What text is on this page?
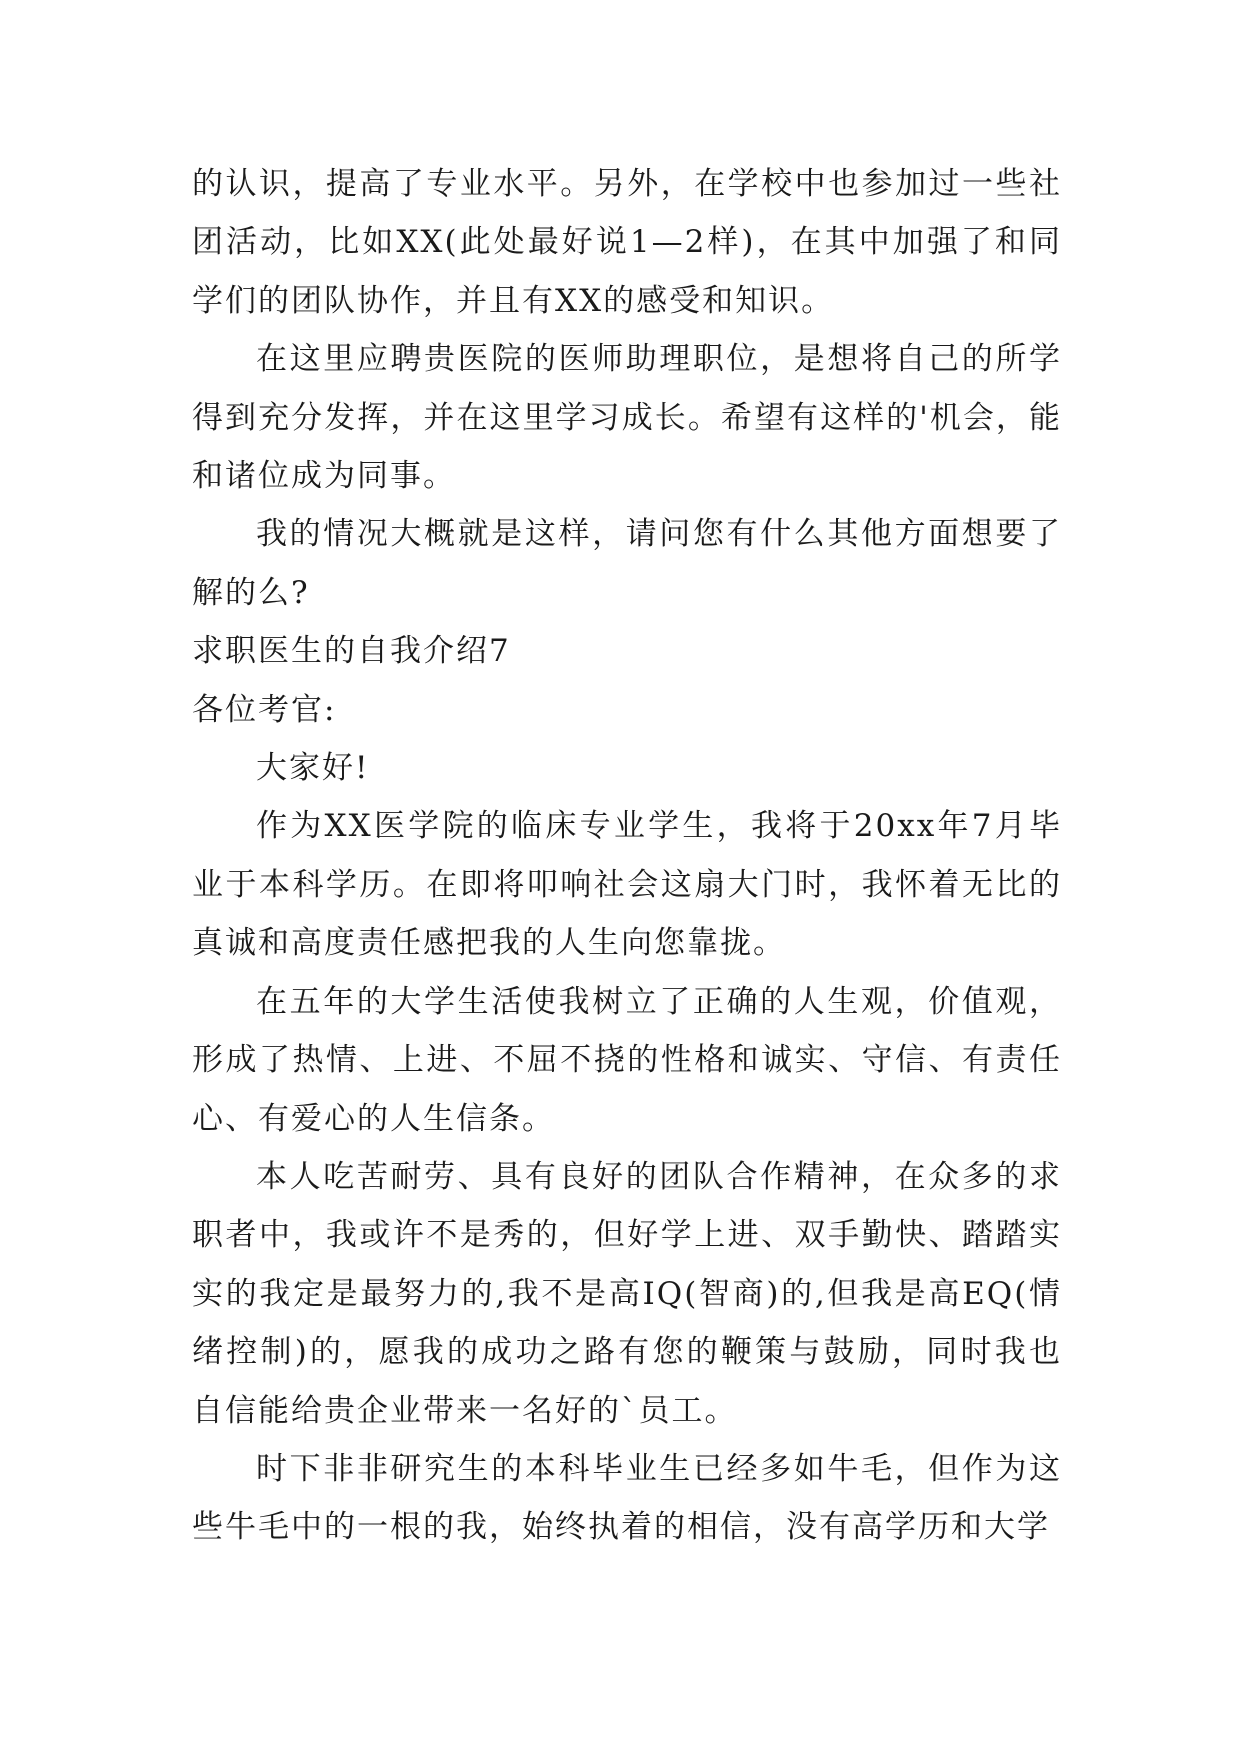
的认识，提高了专业水平。另外，在学校中也参加过一些社团活动，比如XX(此处最好说1—2样)，在其中加强了和同学们的团队协作，并且有XX的感受和知识。

在这里应聘贵医院的医师助理职位，是想将自己的所学得到充分发挥，并在这里学习成长。希望有这样的'机会，能和诸位成为同事。

我的情况大概就是这样，请问您有什么其他方面想要了解的么?

求职医生的自我介绍7

各位考官:

大家好!

作为XX医学院的临床专业学生，我将于20xx年7月毕业于本科学历。在即将叩响社会这扇大门时，我怀着无比的真诚和高度责任感把我的人生向您靠拢。

在五年的大学生活使我树立了正确的人生观，价值观，形成了热情、上进、不屈不挠的性格和诚实、守信、有责任心、有爱心的人生信条。

本人吃苦耐劳、具有良好的团队合作精神，在众多的求职者中，我或许不是秀的，但好学上进、双手勤快、踏踏实实的我定是最努力的,我不是高IQ(智商)的,但我是高EQ(情绪控制)的，愿我的成功之路有您的鞭策与鼓励，同时我也自信能给贵企业带来一名好的`员工。

时下非非研究生的本科毕业生已经多如牛毛，但作为这些牛毛中的一根的我，始终执着的相信，没有高学历和大学
